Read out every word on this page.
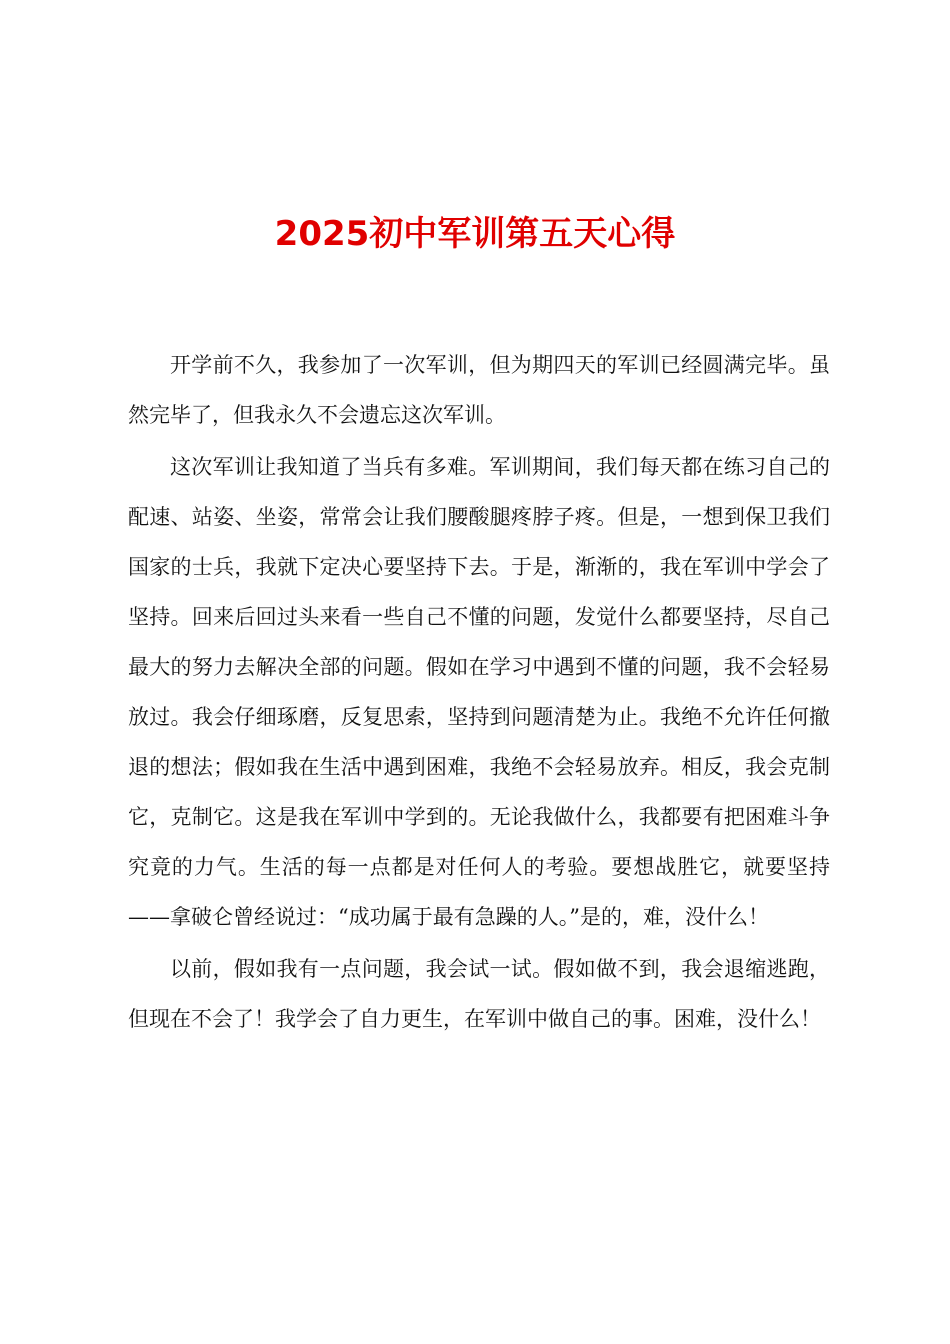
2025初中军训第五天心得

开学前不久，我参加了一次军训，但为期四天的军训已经圆满完毕。虽然完毕了，但我永久不会遗忘这次军训。

这次军训让我知道了当兵有多难。军训期间，我们每天都在练习自己的配速、站姿、坐姿，常常会让我们腰酸腿疼脖子疼。但是，一想到保卫我们国家的士兵，我就下定决心要坚持下去。于是，渐渐的，我在军训中学会了坚持。回来后回过头来看一些自己不懂的问题，发觉什么都要坚持，尽自己最大的努力去解决全部的问题。假如在学习中遇到不懂的问题，我不会轻易放过。我会仔细琢磨，反复思索，坚持到问题清楚为止。我绝不允许任何撤退的想法；假如我在生活中遇到困难，我绝不会轻易放弃。相反，我会克制它，克制它。这是我在军训中学到的。无论我做什么，我都要有把困难斗争究竟的力气。生活的每一点都是对任何人的考验。要想战胜它，就要坚持——拿破仑曾经说过：“成功属于最有急躁的人。”是的，难，没什么！

以前，假如我有一点问题，我会试一试。假如做不到，我会退缩逃跑，但现在不会了！我学会了自力更生，在军训中做自己的事。困难，没什么！
